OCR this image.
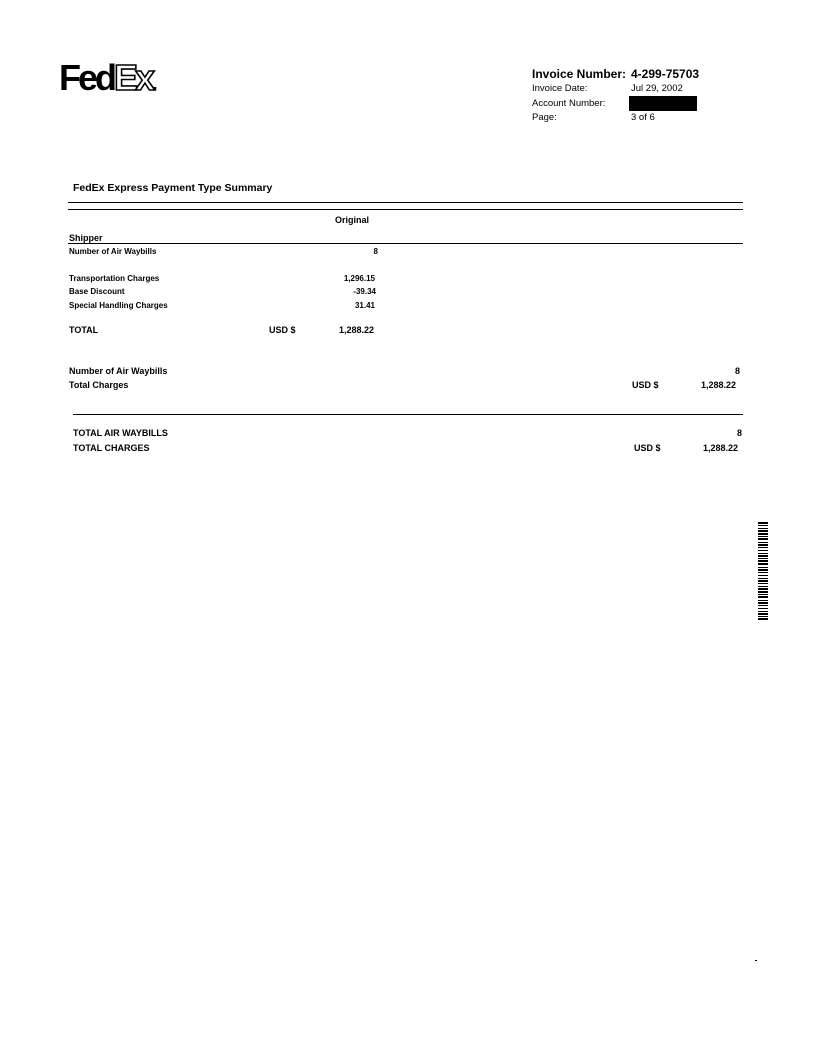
FedEx.	Invoice Number: 4-299-75703
Invoice Date:	Jul 29, 2002
Account Number:
Page:	3 of 6
FedEx Express Payment Type Summary
Original
Shipper
Number of Air Waybills	8
Transportation Charges	1,296.15
Base Discount	-39.34
Special Handling Charges	31.41
TOTAL	USD $	1,288.22
Number of Air Waybills	8
Total Charges	USD $	1,288.22
TOTAL AIR WAYBILLS	8
TOTAL CHARGES	USD $	1,288.22
